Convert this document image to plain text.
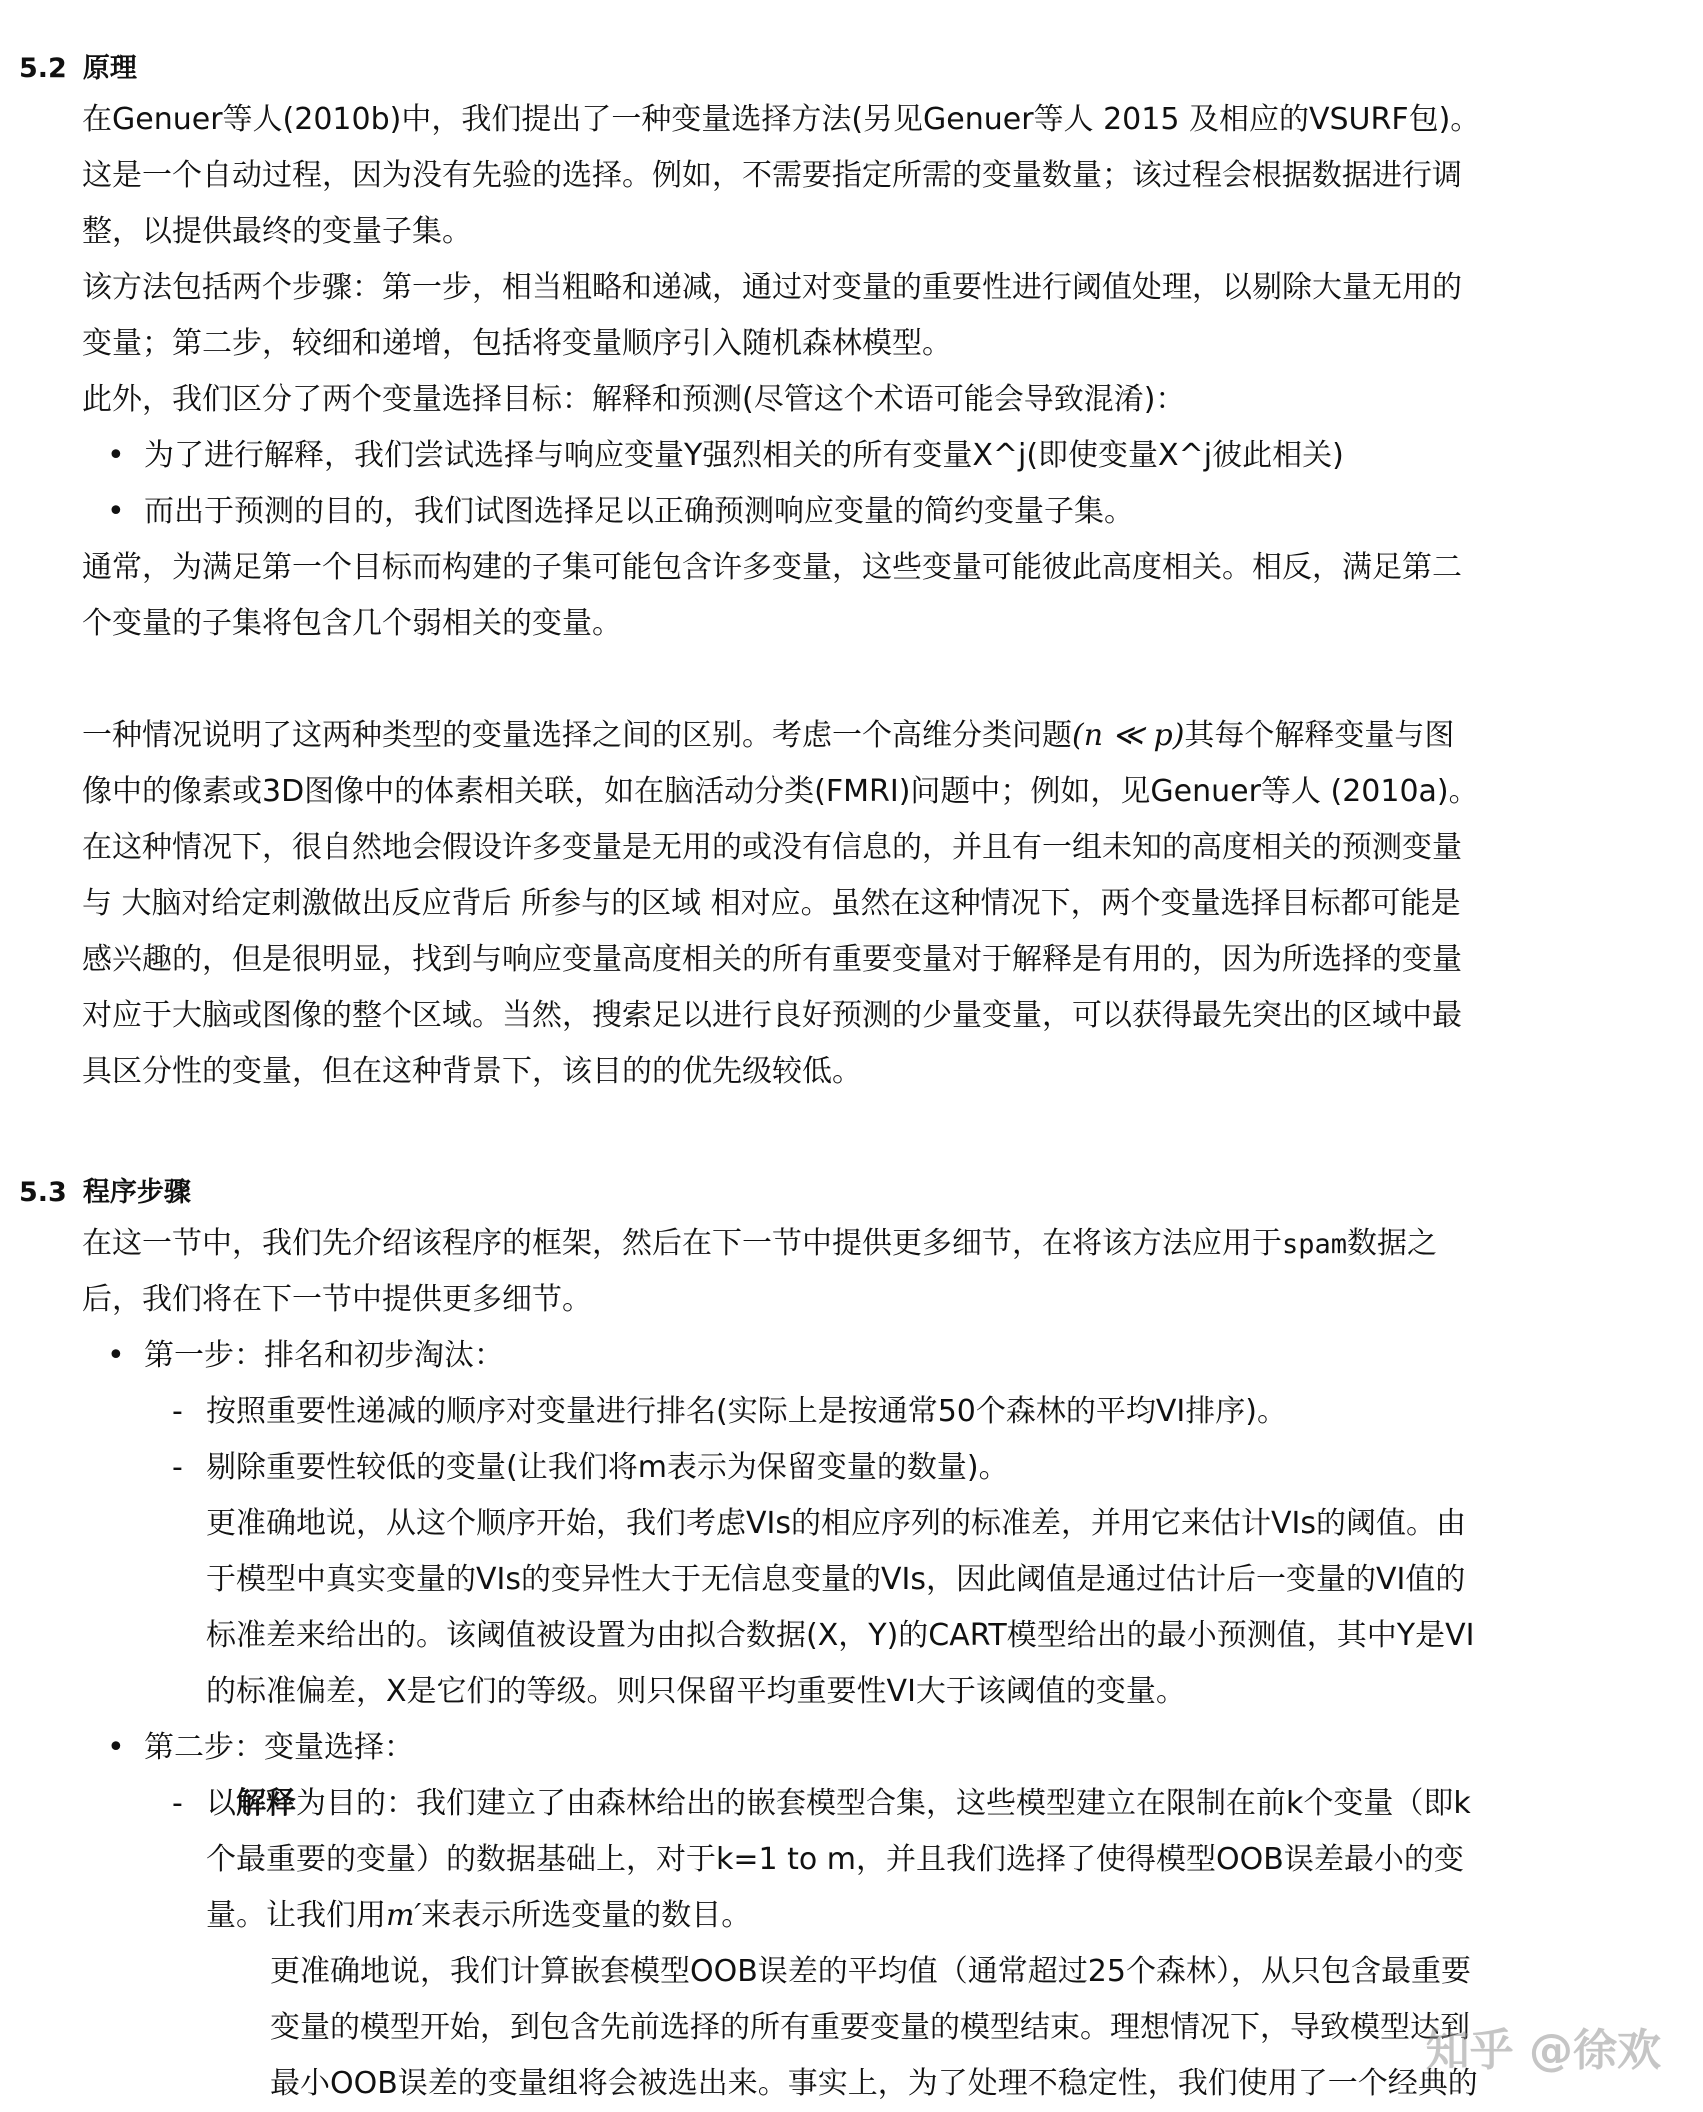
5.2 原理
在Genuer等人(2010b)中，我们提出了一种变量选择方法(另见Genuer等人 2015 及相应的VSURF包)。
这是一个自动过程，因为没有先验的选择。例如，不需要指定所需的变量数量；该过程会根据数据进行调
整，以提供最终的变量子集。
该方法包括两个步骤：第一步，相当粗略和递减，通过对变量的重要性进行阈值处理，以剔除大量无用的
变量；第二步，较细和递增，包括将变量顺序引入随机森林模型。
此外，我们区分了两个变量选择目标：解释和预测(尽管这个术语可能会导致混淆)：
• 为了进行解释，我们尝试选择与响应变量Y强烈相关的所有变量X^j(即使变量X^j彼此相关)
• 而出于预测的目的，我们试图选择足以正确预测响应变量的简约变量子集。
通常，为满足第一个目标而构建的子集可能包含许多变量，这些变量可能彼此高度相关。相反，满足第二
个变量的子集将包含几个弱相关的变量。
一种情况说明了这两种类型的变量选择之间的区别。考虑一个高维分类问题(n ≪ p)其每个解释变量与图
像中的像素或3D图像中的体素相关联，如在脑活动分类(FMRI)问题中；例如，见Genuer等人 (2010a)。
在这种情况下，很自然地会假设许多变量是无用的或没有信息的，并且有一组未知的高度相关的预测变量
与 大脑对给定刺激做出反应背后 所参与的区域 相对应。虽然在这种情况下，两个变量选择目标都可能是
感兴趣的，但是很明显，找到与响应变量高度相关的所有重要变量对于解释是有用的，因为所选择的变量
对应于大脑或图像的整个区域。当然，搜索足以进行良好预测的少量变量，可以获得最先突出的区域中最
具区分性的变量，但在这种背景下，该目的的优先级较低。
5.3 程序步骤
在这一节中，我们先介绍该程序的框架，然后在下一节中提供更多细节，在将该方法应用于spam数据之
后，我们将在下一节中提供更多细节。
• 第一步：排名和初步淘汰：
- 按照重要性递减的顺序对变量进行排名(实际上是按通常50个森林的平均VI排序)。
- 剔除重要性较低的变量(让我们将m表示为保留变量的数量)。
更准确地说，从这个顺序开始，我们考虑VIs的相应序列的标准差，并用它来估计VIs的阈值。由
于模型中真实变量的VIs的变异性大于无信息变量的VIs，因此阈值是通过估计后一变量的VI值的
标准差来给出的。该阈值被设置为由拟合数据(X，Y)的CART模型给出的最小预测值，其中Y是VI
的标准偏差，X是它们的等级。则只保留平均重要性VI大于该阈值的变量。
• 第二步：变量选择：
- 以解释为目的：我们建立了由森林给出的嵌套模型合集，这些模型建立在限制在前k个变量（即k
个最重要的变量）的数据基础上，对于k=1 to m，并且我们选择了使得模型OOB误差最小的变
量。让我们用m′来表示所选变量的数目。
更准确地说，我们计算嵌套模型OOB误差的平均值（通常超过25个森林），从只包含最重要
变量的模型开始，到包含先前选择的所有重要变量的模型结束。理想情况下，导致模型达到
最小OOB误差的变量组将会被选出来。事实上，为了处理不稳定性，我们使用了一个经典的
知乎 @徐欢
